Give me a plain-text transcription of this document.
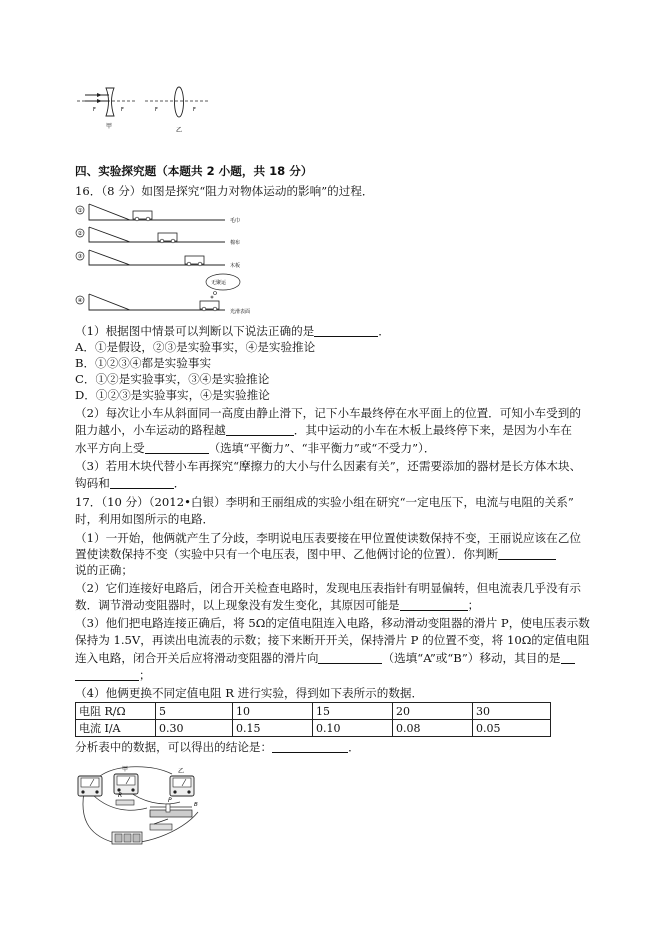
F	F
甲
F	F
乙
四、实验探究题（本题共 2 小题，共 18 分）
16．（8 分）如图是探究“阻力对物体运动的影响”的过程．
①
毛巾
②
棉布
③
木板
④
无聚运
光滑表面
（1）根据图中情景可以判断以下说法正确的是	．
A．①是假设，②③是实验事实，④是实验推论
B．①②③④都是实验事实
C．①②是实验事实，③④是实验推论
D．①②③是实验事实，④是实验推论
（2）每次让小车从斜面同一高度由静止滑下，记下小车最终停在水平面上的位置．可知小车受到的
阻力越小，小车运动的路程越	．其中运动的小车在木板上最终停下来，是因为小车在
水平方向上受	（选填“平衡力”、“非平衡力”或“不受力”）．
（3）若用木块代替小车再探究“摩擦力的大小与什么因素有关”，还需要添加的器材是长方体木块、
钩码和	．
17．（10 分）（2012•白银）李明和王丽组成的实验小组在研究“一定电压下，电流与电阻的关系”
时，利用如图所示的电路．
（1）一开始，他俩就产生了分歧，李明说电压表要接在甲位置使读数保持不变，王丽说应该在乙位
置使读数保持不变（实验中只有一个电压表，图中甲、乙他俩讨论的位置）．你判断
说的正确；
（2）它们连接好电路后，闭合开关检查电路时，发现电压表指针有明显偏转，但电流表几乎没有示
数．调节滑动变阻器时，以上现象没有发生变化，其原因可能是	；
（3）他们把电路连接正确后，将 5Ω的定值电阻连入电路，移动滑动变阻器的滑片 P，使电压表示数
保持为 1.5V，再读出电流表的示数；接下来断开开关，保持滑片 P 的位置不变，将 10Ω的定值电阻
连入电路，闭合开关后应将滑动变阻器的滑片向	（选填“A”或“B”）移动，其目的是
；
（4）他俩更换不同定值电阻 R 进行实验，得到如下表所示的数据．
电阻 R/Ω	5	10	15	20	30
电流 I/A	0.30	0.15	0.10	0.08	0.05
分析表中的数据，可以得出的结论是：	．
甲	乙
R
P
B
